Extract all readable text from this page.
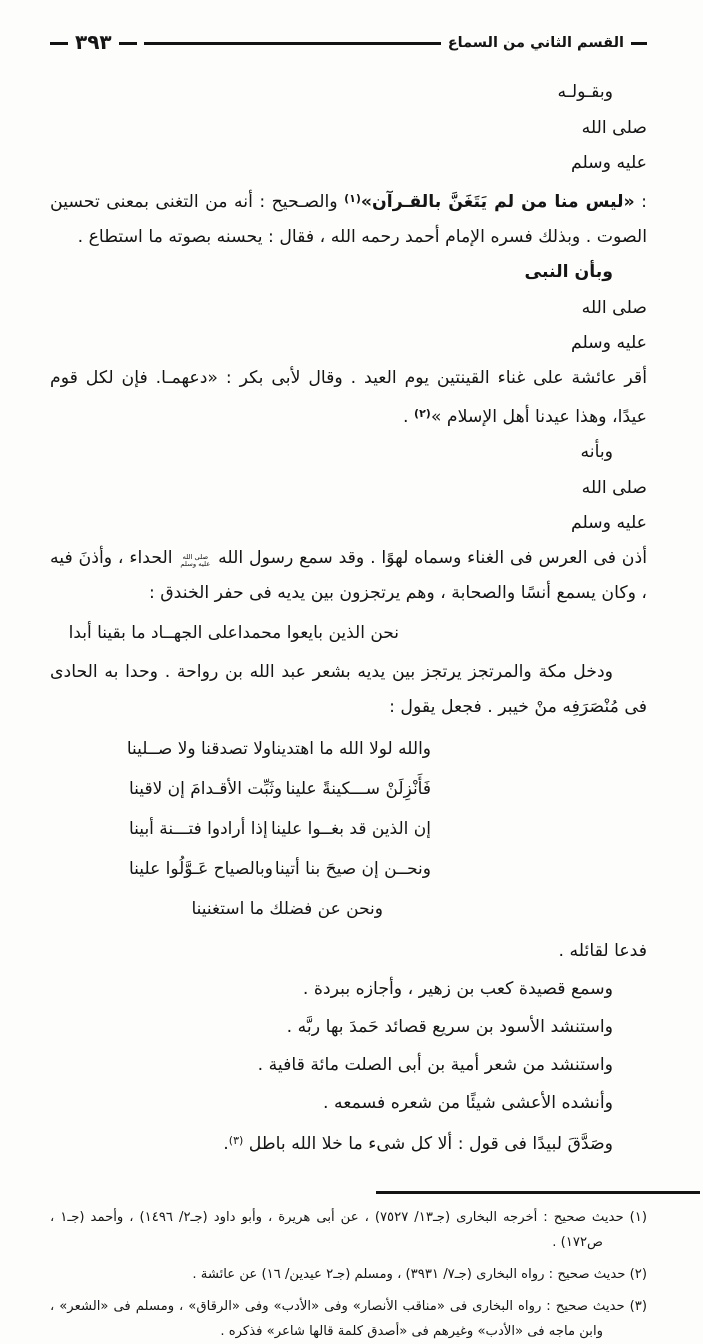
القسم الثاني من السماع
٣٩٣

وبقـولـه

صلى الله
عليه وسلم
: «ليس منا من لم يَتَغَنَّ بالقـرآن»$^{(١)}$ والصـحيح : أنه من التغنى بمعنى تحسين الصوت . وبذلك فسره الإمام أحمد رحمه الله ، فقال : يحسنه بصوته ما استطاع .

وبأن النبى

صلى الله
عليه وسلم
أقر عائشة على غناء القينتين يوم العيد . وقال لأبى بكر : «دعهمـا. فإن لكل قوم عيدًا، وهذا عيدنا أهل الإسلام »$^{(٢)}$ .

وبأنه

صلى الله
عليه وسلم
أذن فى العرس فى الغناء وسماه لهوًا . وقد سمع رسول الله
صلى الله
عليه وسلم
الحداء ، وأذنَ فيه ، وكان يسمع أنسًا والصحابة ، وهم يرتجزون بين يديه فى حفر الخندق :

نحن الذين بايعوا محمدا
على الجهــاد ما بقينا أبدا

ودخل مكة والمرتجز يرتجز بين يديه بشعر عبد الله بن رواحة . وحدا به الحادى فى مُنْصَرَفِه منْ خيبر . فجعل يقول :

والله لولا الله ما اهتدينا
ولا تصدقنا ولا صــلينا
فَأَنْزِلَنْ ســـكينةً علينا
وثَبِّت الأقـدامَ إن لاقينا
إن الذين قد بغــوا علينا
إذا أرادوا فتـــنة أبينا
ونحــن إن صيحَ بنا أتينا
وبالصياح عَـوَّلُوا علينا
ونحن عن فضلك ما استغنينا

فدعا لقائله .

وسمع قصيدة كعب بن زهير ، وأجازه ببردة .

واستنشد الأسود بن سريع قصائد حَمدَ بها ربَّه .

واستنشد من شعر أمية بن أبى الصلت مائة قافية .

وأنشده الأعشى شيئًا من شعره فسمعه .

وصَدَّقَ لبيدًا فى قول : ألا كل شىء ما خلا الله باطل $^{(٣)}$.

(١) حديث صحيح : أخرجه البخارى (جـ١٣/ ٧٥٢٧) ، عن أبى هريرة ، وأبو داود (جـ٢/ ١٤٩٦) ، وأحمد (جـ١ ، ص١٧٢) .

(٢) حديث صحيح : رواه البخارى (جـ٧/ ٣٩٣١) ، ومسلم (جـ٢ عيدين/ ١٦) عن عائشة .

(٣) حديث صحيح : رواه البخارى فى «مناقب الأنصار» وفى «الأدب» وفى «الرقاق» ، ومسلم فى «الشعر» ، وابن ماجه فى «الأدب» وغيرهم فى «أصدق كلمة قالها شاعر» فذكره .
